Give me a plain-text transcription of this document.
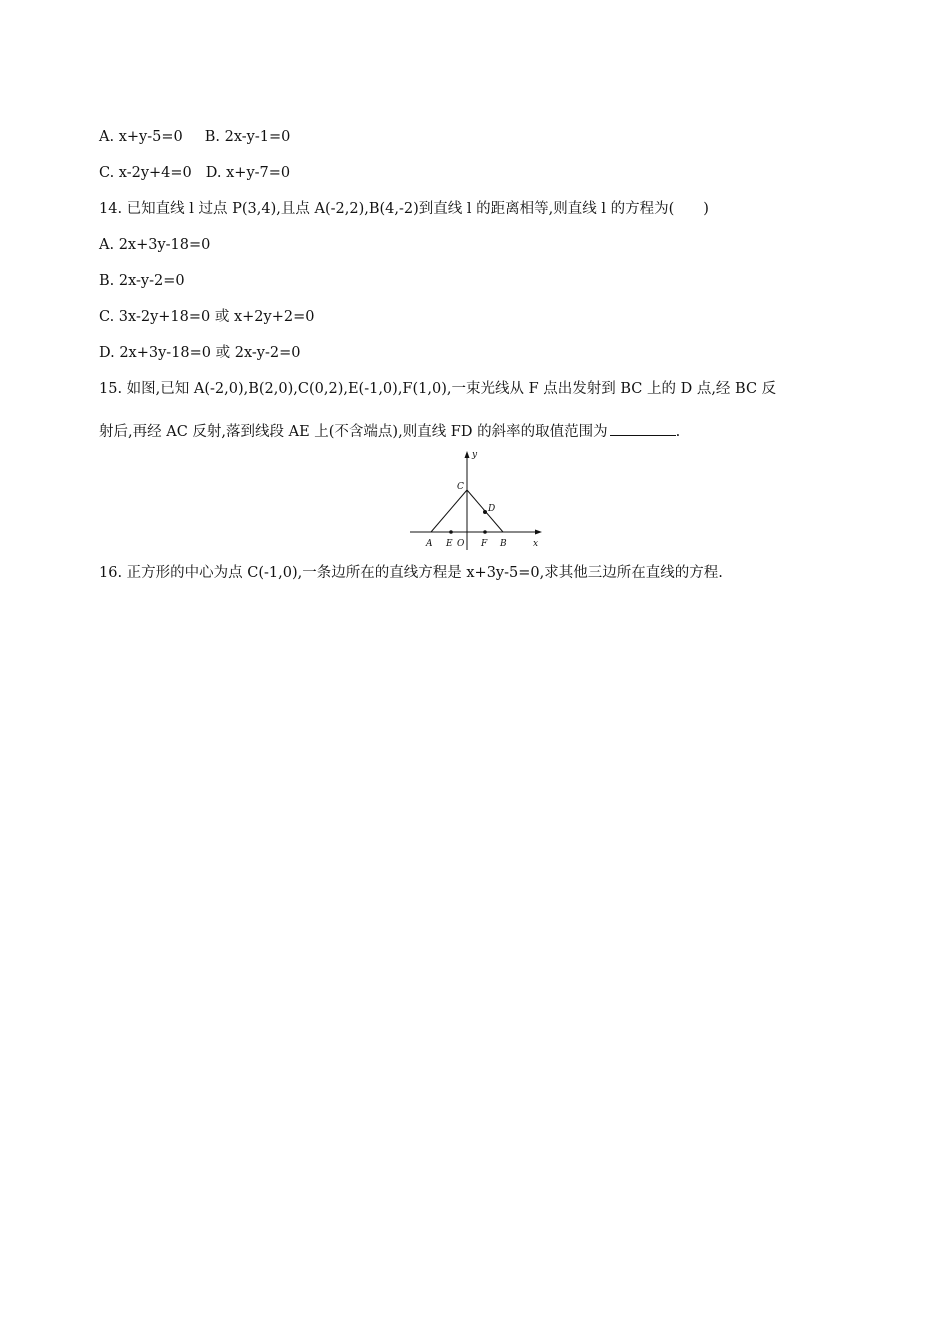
A. x+y-5=0 B. 2x-y-1=0
C. x-2y+4=0 D. x+y-7=0
14. 已知直线 l 过点 P(3,4),且点 A(-2,2),B(4,-2)到直线 l 的距离相等,则直线 l 的方程为(　　)
A. 2x+3y-18=0
B. 2x-y-2=0
C. 3x-2y+18=0 或 x+2y+2=0
D. 2x+3y-18=0 或 2x-y-2=0
15. 如图,已知 A(-2,0),B(2,0),C(0,2),E(-1,0),F(1,0),一束光线从 F 点出发射到 BC 上的 D 点,经 BC 反
射后,再经 AC 反射,落到线段 AE 上(不含端点),则直线 FD 的斜率的取值范围为	.
y
x
C
D
A E O F B
16. 正方形的中心为点 C(-1,0),一条边所在的直线方程是 x+3y-5=0,求其他三边所在直线的方程.
